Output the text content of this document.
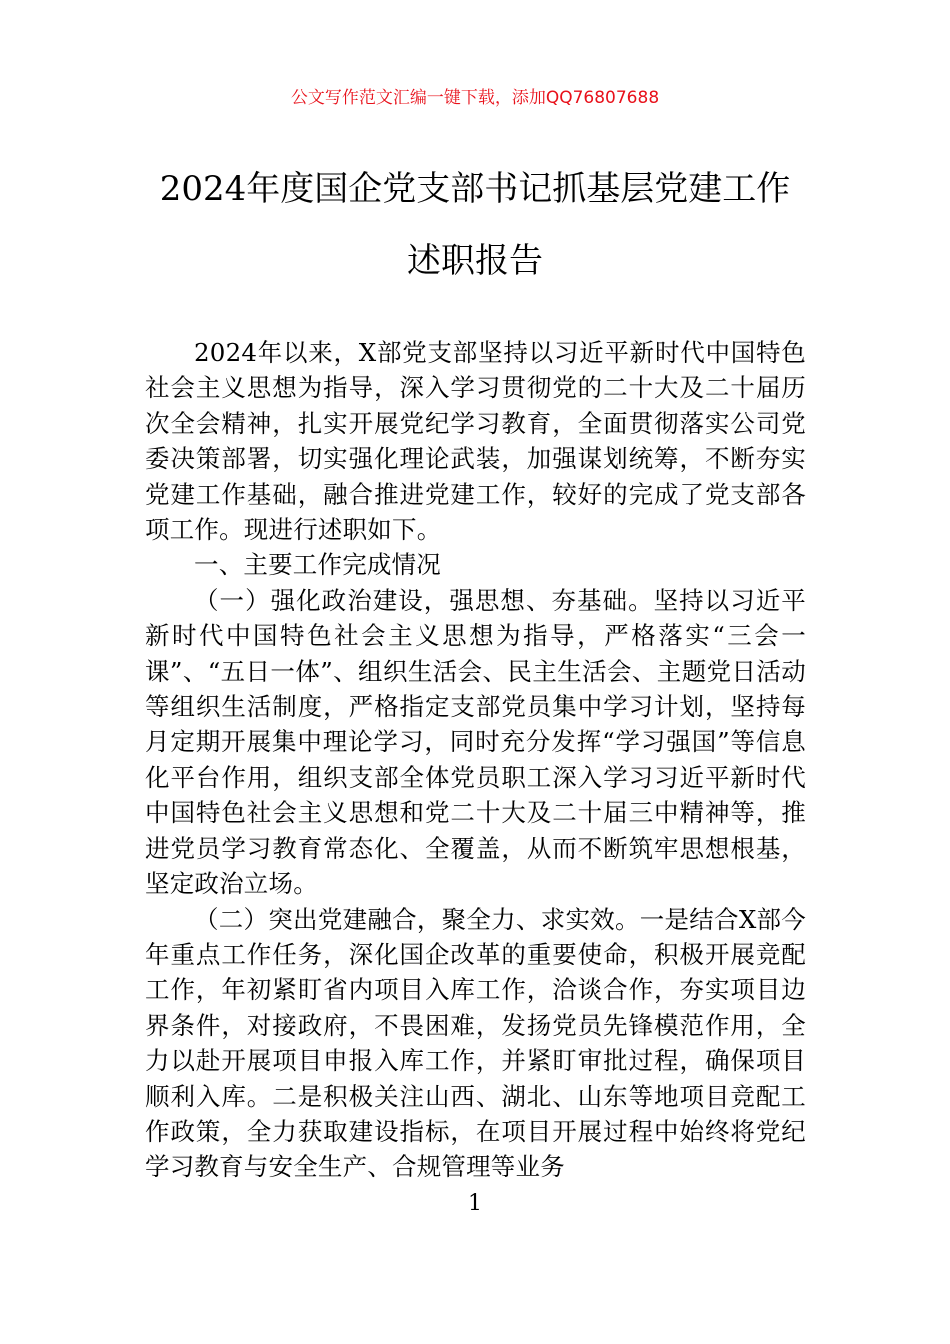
公文写作范文汇编一键下载，添加QQ76807688
2024年度国企党支部书记抓基层党建工作
述职报告

2024年以来，X部党支部坚持以习近平新时代中国特色社会主义思想为指导，深入学习贯彻党的二十大及二十届历次全会精神，扎实开展党纪学习教育，全面贯彻落实公司党委决策部署，切实强化理论武装，加强谋划统筹，不断夯实党建工作基础，融合推进党建工作，较好的完成了党支部各项工作。现进行述职如下。

一、主要工作完成情况

（一）强化政治建设，强思想、夯基础。坚持以习近平新时代中国特色社会主义思想为指导，严格落实“三会一课”、“五日一体”、组织生活会、民主生活会、主题党日活动等组织生活制度，严格指定支部党员集中学习计划，坚持每月定期开展集中理论学习，同时充分发挥“学习强国”等信息化平台作用，组织支部全体党员职工深入学习习近平新时代中国特色社会主义思想和党二十大及二十届三中精神等，推进党员学习教育常态化、全覆盖，从而不断筑牢思想根基，坚定政治立场。

（二）突出党建融合，聚全力、求实效。一是结合X部今年重点工作任务，深化国企改革的重要使命，积极开展竞配工作，年初紧盯省内项目入库工作，洽谈合作，夯实项目边界条件，对接政府，不畏困难，发扬党员先锋模范作用，全力以赴开展项目申报入库工作，并紧盯审批过程，确保项目顺利入库。二是积极关注山西、湖北、山东等地项目竞配工作政策，全力获取建设指标，在项目开展过程中始终将党纪学习教育与安全生产、合规管理等业务

1
